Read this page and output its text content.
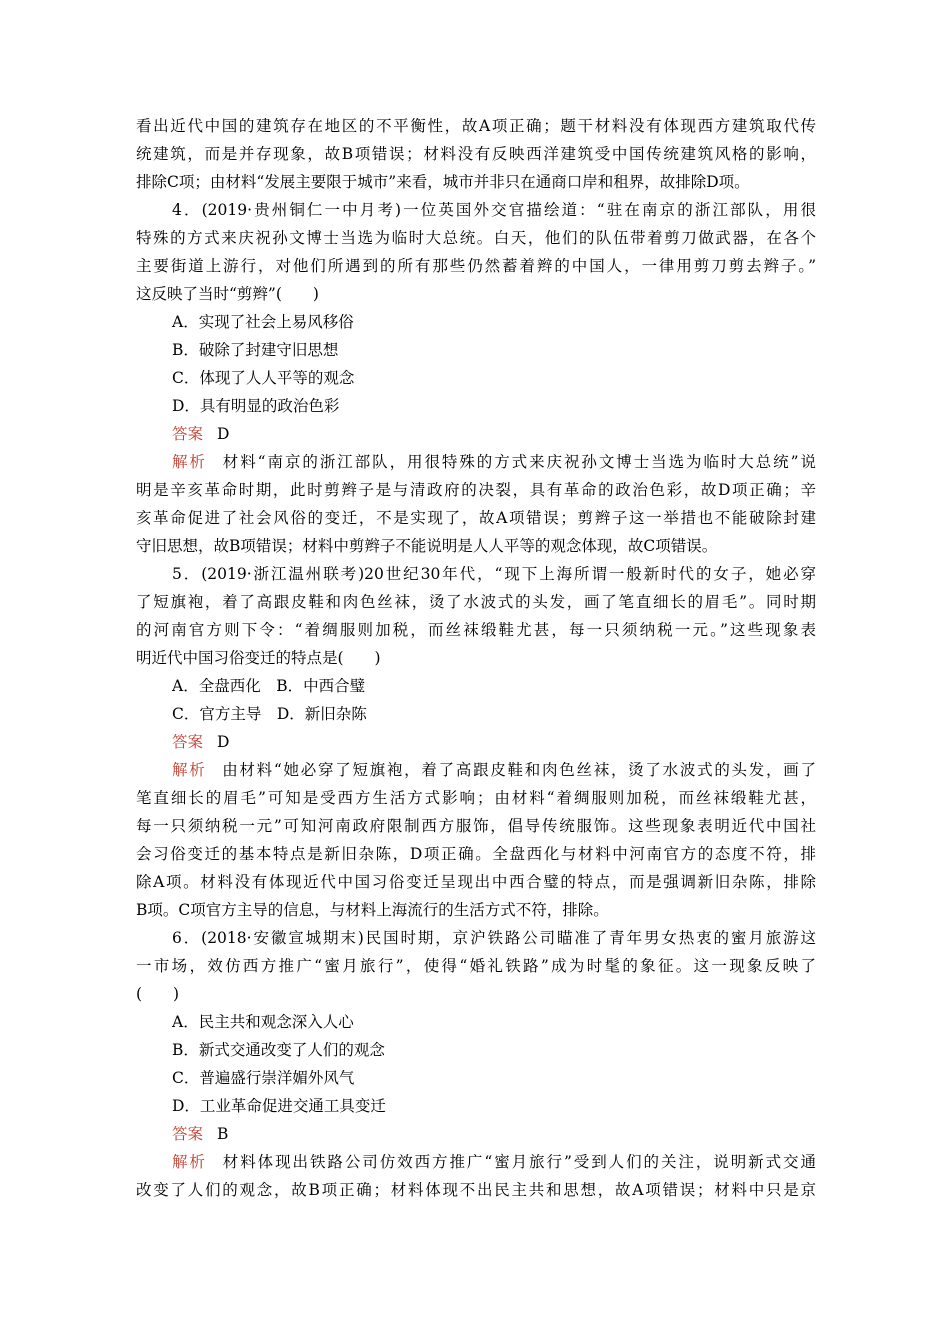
看出近代中国的建筑存在地区的不平衡性，故A项正确；题干材料没有体现西方建筑取代传
统建筑，而是并存现象，故B项错误；材料没有反映西洋建筑受中国传统建筑风格的影响，
排除C项；由材料“发展主要限于城市”来看，城市并非只在通商口岸和租界，故排除D项。
4．(2019·贵州铜仁一中月考)一位英国外交官描绘道：“驻在南京的浙江部队，用很
特殊的方式来庆祝孙文博士当选为临时大总统。白天，他们的队伍带着剪刀做武器，在各个
主要街道上游行，对他们所遇到的所有那些仍然蓄着辫的中国人，一律用剪刀剪去辫子。”
这反映了当时“剪辫”(　　)
A．实现了社会上易风移俗
B．破除了封建守旧思想
C．体现了人人平等的观念
D．具有明显的政治色彩
答案 D
解析 材料“南京的浙江部队，用很特殊的方式来庆祝孙文博士当选为临时大总统”说
明是辛亥革命时期，此时剪辫子是与清政府的决裂，具有革命的政治色彩，故D项正确；辛
亥革命促进了社会风俗的变迁，不是实现了，故A项错误；剪辫子这一举措也不能破除封建
守旧思想，故B项错误；材料中剪辫子不能说明是人人平等的观念体现，故C项错误。
5．(2019·浙江温州联考)20世纪30年代，“现下上海所谓一般新时代的女子，她必穿
了短旗袍，着了高跟皮鞋和肉色丝袜，烫了水波式的头发，画了笔直细长的眉毛”。同时期
的河南官方则下令：“着绸服则加税，而丝袜缎鞋尤甚，每一只须纳税一元。”这些现象表
明近代中国习俗变迁的特点是(　　)
A．全盘西化　B．中西合璧
C．官方主导　D．新旧杂陈
答案 D
解析 由材料“她必穿了短旗袍，着了高跟皮鞋和肉色丝袜，烫了水波式的头发，画了
笔直细长的眉毛”可知是受西方生活方式影响；由材料“着绸服则加税，而丝袜缎鞋尤甚，
每一只须纳税一元”可知河南政府限制西方服饰，倡导传统服饰。这些现象表明近代中国社
会习俗变迁的基本特点是新旧杂陈，D项正确。全盘西化与材料中河南官方的态度不符，排
除A项。材料没有体现近代中国习俗变迁呈现出中西合璧的特点，而是强调新旧杂陈，排除
B项。C项官方主导的信息，与材料上海流行的生活方式不符，排除。
6．(2018·安徽宣城期末)民国时期，京沪铁路公司瞄准了青年男女热衷的蜜月旅游这
一市场，效仿西方推广“蜜月旅行”，使得“婚礼铁路”成为时髦的象征。这一现象反映了
(　　)
A．民主共和观念深入人心
B．新式交通改变了人们的观念
C．普遍盛行崇洋媚外风气
D．工业革命促进交通工具变迁
答案 B
解析 材料体现出铁路公司仿效西方推广“蜜月旅行”受到人们的关注，说明新式交通
改变了人们的观念，故B项正确；材料体现不出民主共和思想，故A项错误；材料中只是京
